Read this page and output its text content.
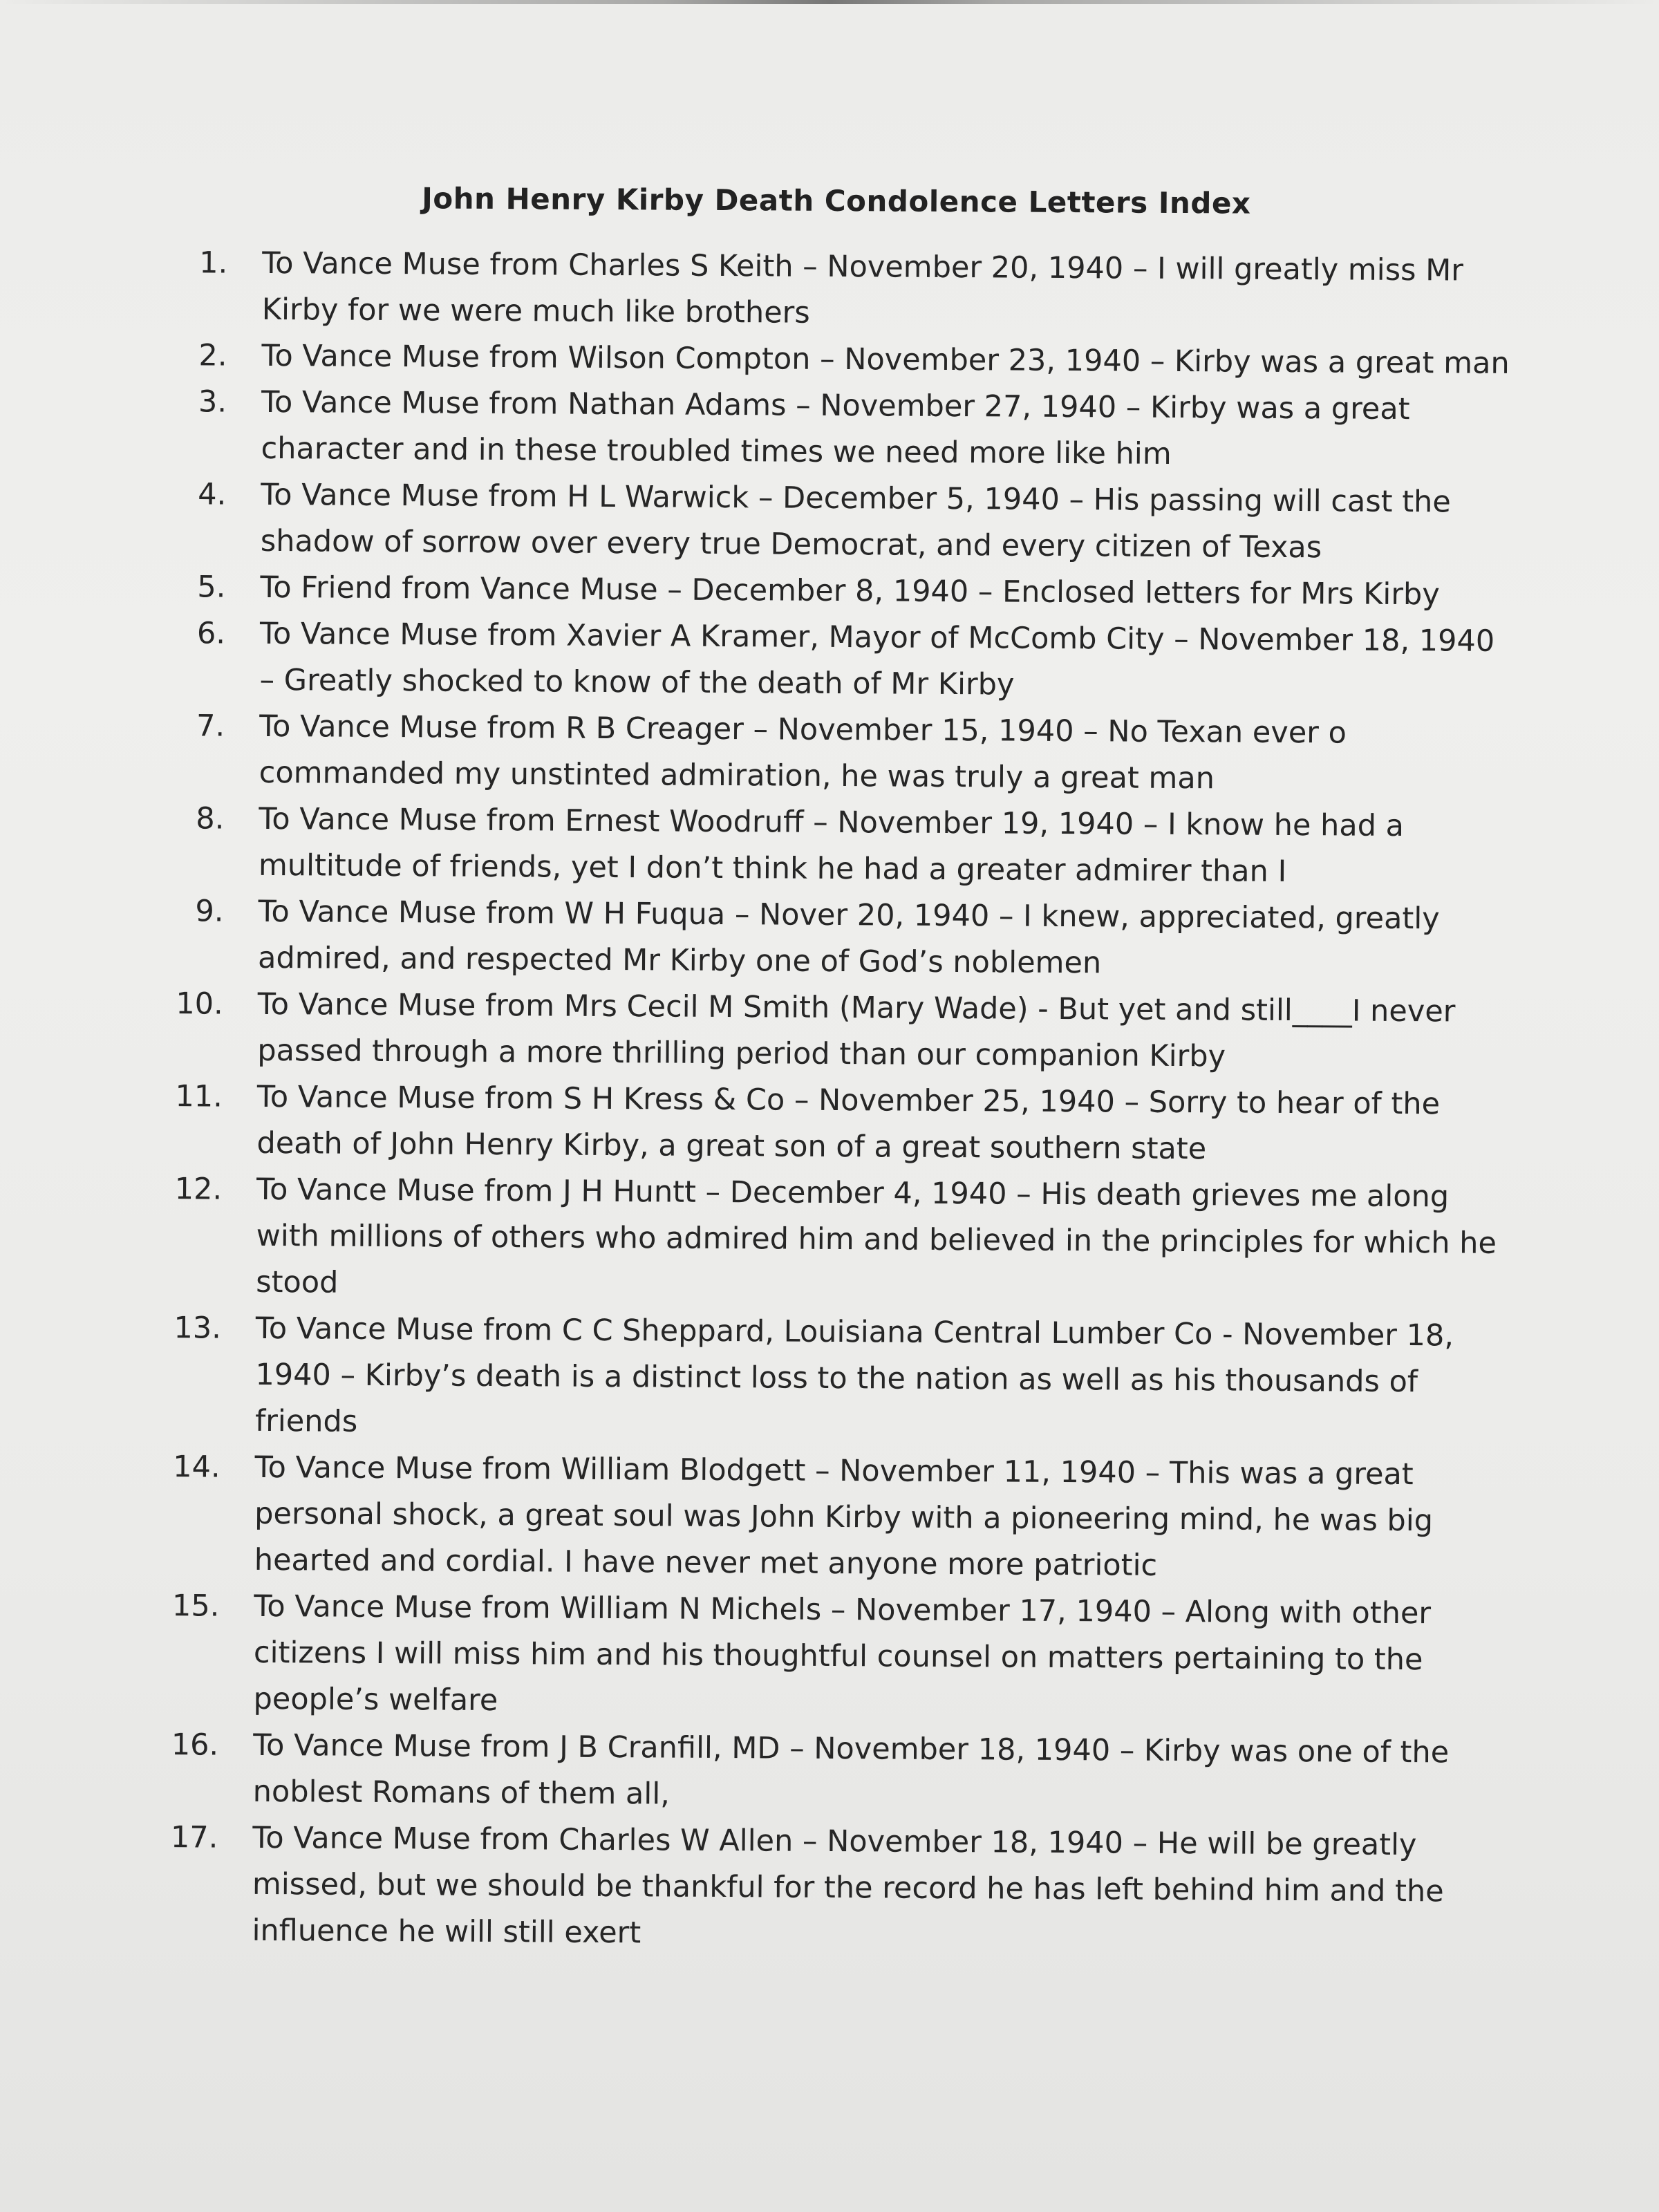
John Henry Kirby Death Condolence Letters Index
1.	To Vance Muse from Charles S Keith – November 20, 1940 – I will greatly miss Mr Kirby for we were much like brothers
2.	To Vance Muse from Wilson Compton – November 23, 1940 – Kirby was a great man
3.	To Vance Muse from Nathan Adams – November 27, 1940 – Kirby was a great character and in these troubled times we need more like him
4.	To Vance Muse from H L Warwick – December 5, 1940 – His passing will cast the shadow of sorrow over every true Democrat, and every citizen of Texas
5.	To Friend from Vance Muse – December 8, 1940 – Enclosed letters for Mrs Kirby
6.	To Vance Muse from Xavier A Kramer, Mayor of McComb City – November 18, 1940 – Greatly shocked to know of the death of Mr Kirby
7.	To Vance Muse from R B Creager – November 15, 1940 – No Texan ever o commanded my unstinted admiration, he was truly a great man
8.	To Vance Muse from Ernest Woodruff – November 19, 1940 – I know he had a multitude of friends, yet I don’t think he had a greater admirer than I
9.	To Vance Muse from W H Fuqua – Nover 20, 1940 – I knew, appreciated, greatly admired, and respected Mr Kirby one of God’s noblemen
10.	To Vance Muse from Mrs Cecil M Smith (Mary Wade) - But yet and still____I never passed through a more thrilling period than our companion Kirby
11.	To Vance Muse from S H Kress & Co – November 25, 1940 – Sorry to hear of the death of John Henry Kirby, a great son of a great southern state
12.	To Vance Muse from J H Huntt – December 4, 1940 – His death grieves me along with millions of others who admired him and believed in the principles for which he stood
13.	To Vance Muse from C C Sheppard, Louisiana Central Lumber Co - November 18, 1940 – Kirby’s death is a distinct loss to the nation as well as his thousands of friends
14.	To Vance Muse from William Blodgett – November 11, 1940 – This was a great personal shock, a great soul was John Kirby with a pioneering mind, he was big hearted and cordial. I have never met anyone more patriotic
15.	To Vance Muse from William N Michels – November 17, 1940 – Along with other citizens I will miss him and his thoughtful counsel on matters pertaining to the people’s welfare
16.	To Vance Muse from J B Cranfill, MD – November 18, 1940 – Kirby was one of the noblest Romans of them all,
17.	To Vance Muse from Charles W Allen – November 18, 1940 – He will be greatly missed, but we should be thankful for the record he has left behind him and the influence he will still exert
